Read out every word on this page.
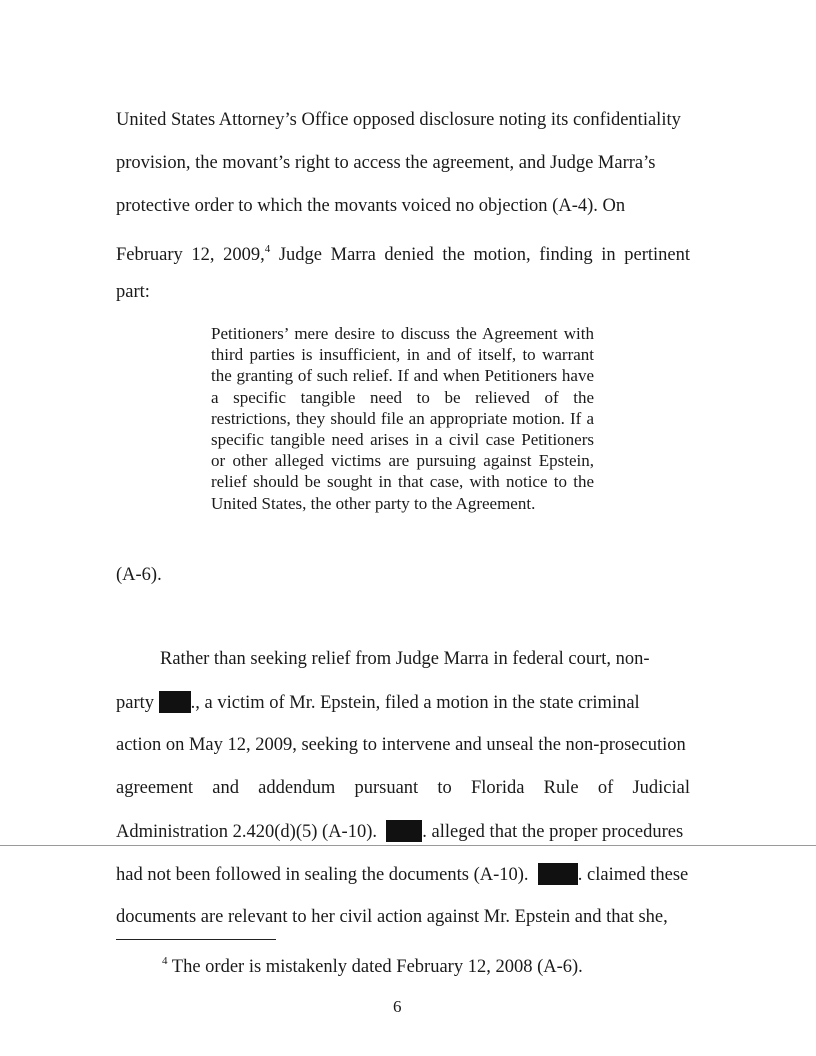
United States Attorney’s Office opposed disclosure noting its confidentiality
provision, the movant’s right to access the agreement, and Judge Marra’s
protective order to which the movants voiced no objection (A-4). On
February 12, 2009,$^4$ Judge Marra denied the motion, finding in pertinent
part:
Petitioners’ mere desire to discuss the Agreement with third parties is insufficient, in and of itself, to warrant the granting of such relief. If and when Petitioners have a specific tangible need to be relieved of the restrictions, they should file an appropriate motion. If a specific tangible need arises in a civil case Petitioners or other alleged victims are pursuing against Epstein, relief should be sought in that case, with notice to the United States, the other party to the Agreement.
(A-6).
Rather than seeking relief from Judge Marra in federal court, non-
party ., a victim of Mr. Epstein, filed a motion in the state criminal
action on May 12, 2009, seeking to intervene and unseal the non-prosecution
agreement and addendum pursuant to Florida Rule of Judicial
Administration 2.420(d)(5) (A-10). . alleged that the proper procedures
had not been followed in sealing the documents (A-10).	. claimed these
documents are relevant to her civil action against Mr. Epstein and that she,
$^4$ The order is mistakenly dated February 12, 2008 (A-6).
6
